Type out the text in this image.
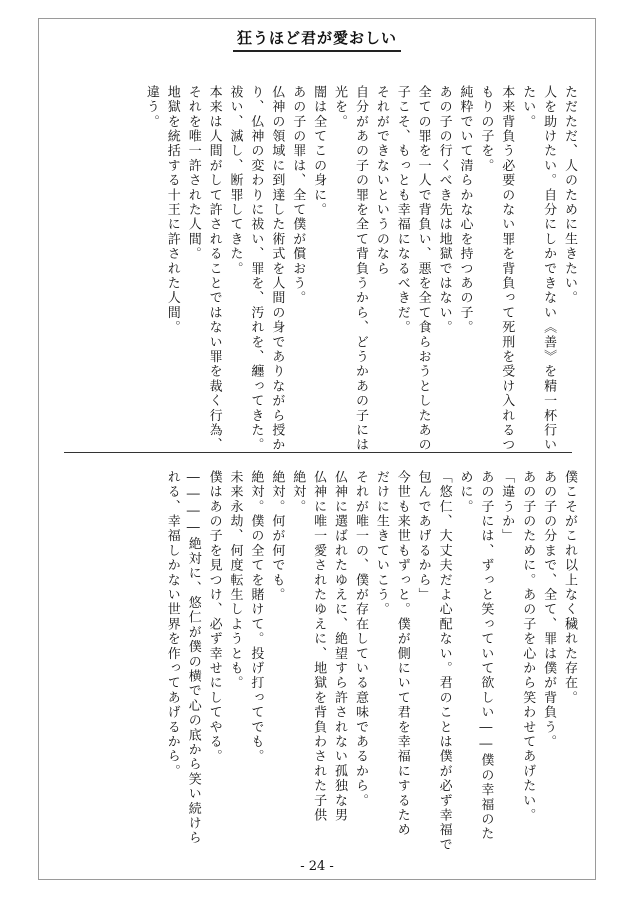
狂うほど君が愛おしい
ただただ、人のために生きたい。
人を助けたい。自分にしかできない《善》を精一杯行い
たい。
本来背負う必要のない罪を背負って死刑を受け入れるつ
もりの子を。
純粋でいて清らかな心を持つあの子。
あの子の行くべき先は地獄ではない。
全ての罪を一人で背負い、悪を全て食らおうとしたあの
子こそ、もっとも幸福になるべきだ。
それができないというのなら
自分があの子の罪を全て背負うから、どうかあの子には
光を。
闇は全てこの身に。
あの子の罪は、全て僕が償おう。
仏神の領域に到達した術式を人間の身でありながら授か
り、仏神の変わりに祓い、罪を、汚れを、纏ってきた。
祓い、滅し、断罪してきた。
本来は人間がして許されることではない罪を裁く行為、
それを唯一許された人間。
地獄を統括する十王に許された人間。
違う。
僕こそがこれ以上なく穢れた存在。
あの子の分まで、全て、罪は僕が背負う。
あの子のために。あの子を心から笑わせてあげたい。
「違うか」
あの子には、ずっと笑っていて欲しい――僕の幸福のた
めに。
「悠仁、大丈夫だよ心配ない。君のことは僕が必ず幸福で
包んであげるから」
今世も来世もずっと。僕が側にいて君を幸福にするため
だけに生きていこう。
それが唯一の、僕が存在している意味であるから。
仏神に選ばれたゆえに、絶望すら許されない孤独な男
仏神に唯一愛されたゆえに、地獄を背負わされた子供
絶対。
絶対。何が何でも。
絶対。僕の全てを賭けて。投げ打ってでも。
未来永劫、何度転生しようとも。
僕はあの子を見つけ、必ず幸せにしてやる。
――――絶対に、悠仁が僕の横で心の底から笑い続けら
れる、幸福しかない世界を作ってあげるから。
- 24 -
